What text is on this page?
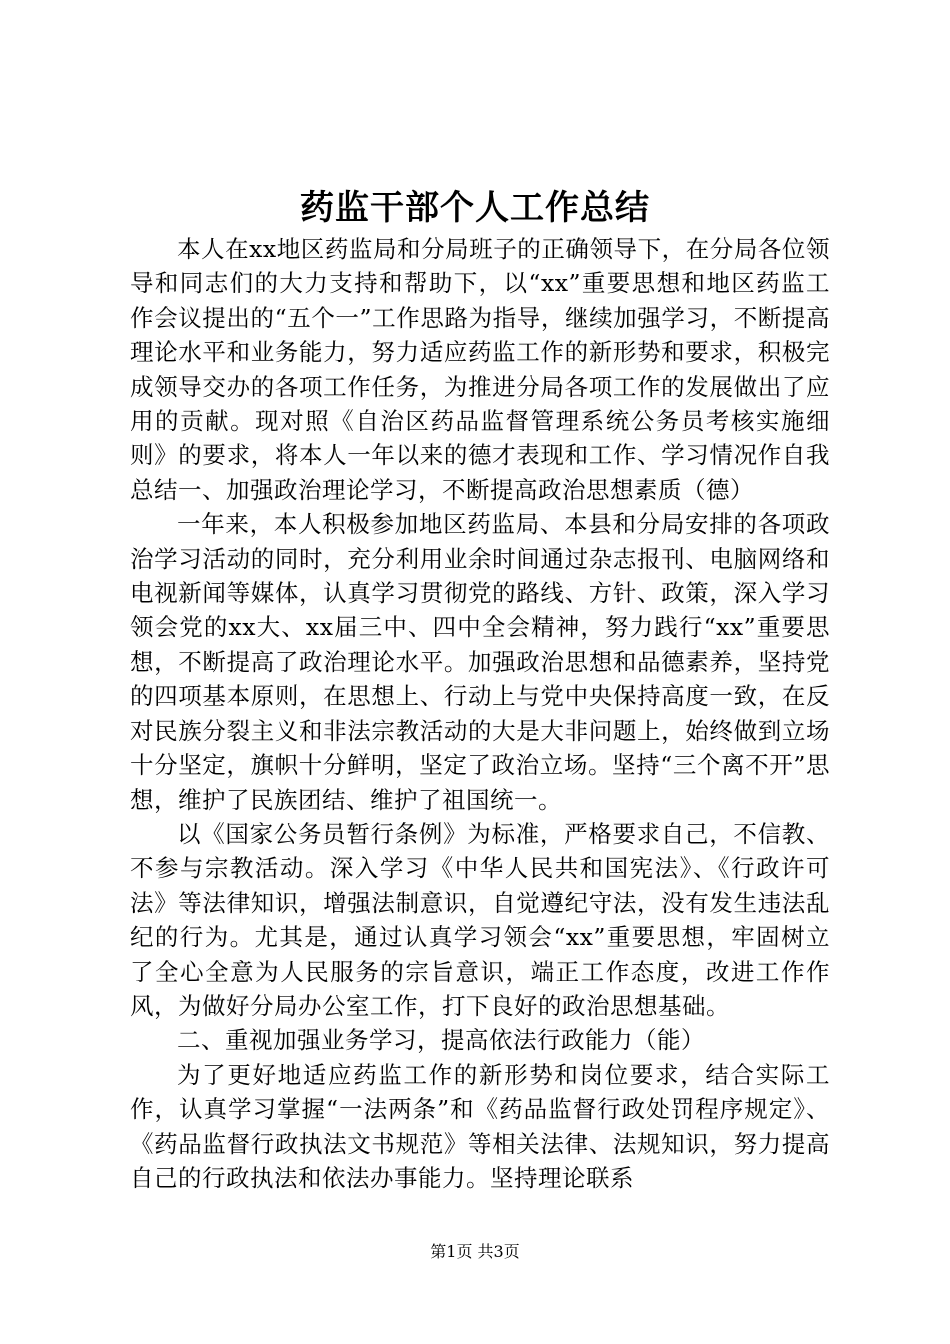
药监干部个人工作总结

本人在xx地区药监局和分局班子的正确领导下，在分局各位领导和同志们的大力支持和帮助下，以“xx”重要思想和地区药监工作会议提出的“五个一”工作思路为指导，继续加强学习，不断提高理论水平和业务能力，努力适应药监工作的新形势和要求，积极完成领导交办的各项工作任务，为推进分局各项工作的发展做出了应用的贡献。现对照《自治区药品监督管理系统公务员考核实施细则》的要求，将本人一年以来的德才表现和工作、学习情况作自我总结一、加强政治理论学习，不断提高政治思想素质（德）

一年来，本人积极参加地区药监局、本县和分局安排的各项政治学习活动的同时，充分利用业余时间通过杂志报刊、电脑网络和电视新闻等媒体，认真学习贯彻党的路线、方针、政策，深入学习领会党的xx大、xx届三中、四中全会精神，努力践行“xx”重要思想，不断提高了政治理论水平。加强政治思想和品德素养，坚持党的四项基本原则，在思想上、行动上与党中央保持高度一致，在反对民族分裂主义和非法宗教活动的大是大非问题上，始终做到立场十分坚定，旗帜十分鲜明，坚定了政治立场。坚持“三个离不开”思想，维护了民族团结、维护了祖国统一。

以《国家公务员暂行条例》为标准，严格要求自己，不信教、不参与宗教活动。深入学习《中华人民共和国宪法》、《行政许可法》等法律知识，增强法制意识，自觉遵纪守法，没有发生违法乱纪的行为。尤其是，通过认真学习领会“xx”重要思想，牢固树立了全心全意为人民服务的宗旨意识，端正工作态度，改进工作作风，为做好分局办公室工作，打下良好的政治思想基础。

二、重视加强业务学习，提高依法行政能力（能）

为了更好地适应药监工作的新形势和岗位要求，结合实际工作，认真学习掌握“一法两条”和《药品监督行政处罚程序规定》、《药品监督行政执法文书规范》等相关法律、法规知识，努力提高自己的行政执法和依法办事能力。坚持理论联系

第1页 共3页
